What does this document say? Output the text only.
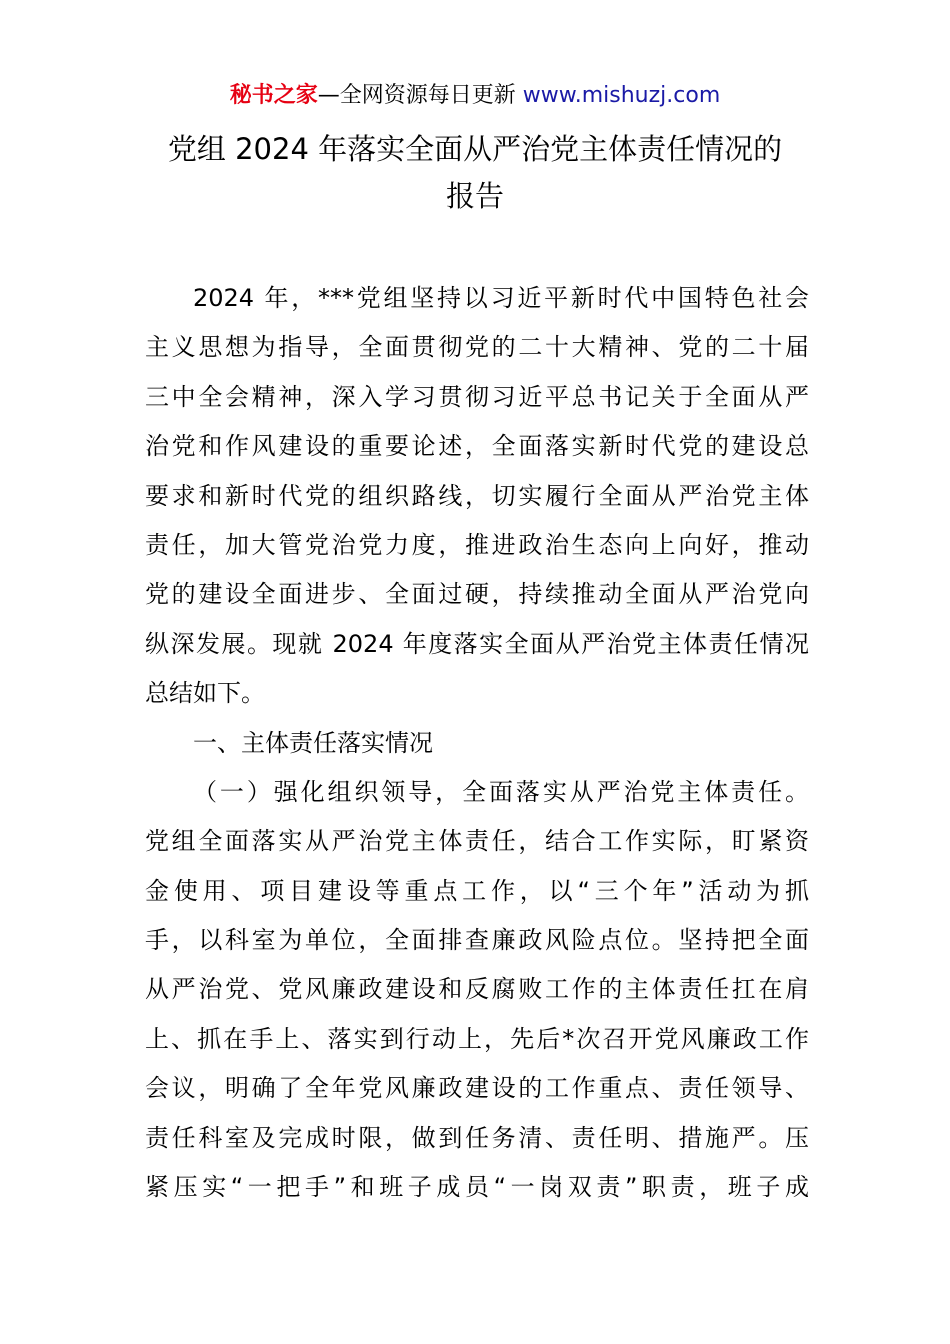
秘书之家—全网资源每日更新 www.mishuzj.com
党组 2024 年落实全面从严治党主体责任情况的
报告
2024 年，***党组坚持以习近平新时代中国特色社会
主义思想为指导，全面贯彻党的二十大精神、党的二十届
三中全会精神，深入学习贯彻习近平总书记关于全面从严
治党和作风建设的重要论述，全面落实新时代党的建设总
要求和新时代党的组织路线，切实履行全面从严治党主体
责任，加大管党治党力度，推进政治生态向上向好，推动
党的建设全面进步、全面过硬，持续推动全面从严治党向
纵深发展。现就 2024 年度落实全面从严治党主体责任情况
总结如下。
一、主体责任落实情况
（一）强化组织领导，全面落实从严治党主体责任。
党组全面落实从严治党主体责任，结合工作实际，盯紧资
金使用、项目建设等重点工作，以“三个年”活动为抓
手，以科室为单位，全面排查廉政风险点位。坚持把全面
从严治党、党风廉政建设和反腐败工作的主体责任扛在肩
上、抓在手上、落实到行动上，先后*次召开党风廉政工作
会议，明确了全年党风廉政建设的工作重点、责任领导、
责任科室及完成时限，做到任务清、责任明、措施严。压
紧压实“一把手”和班子成员“一岗双责”职责，班子成
